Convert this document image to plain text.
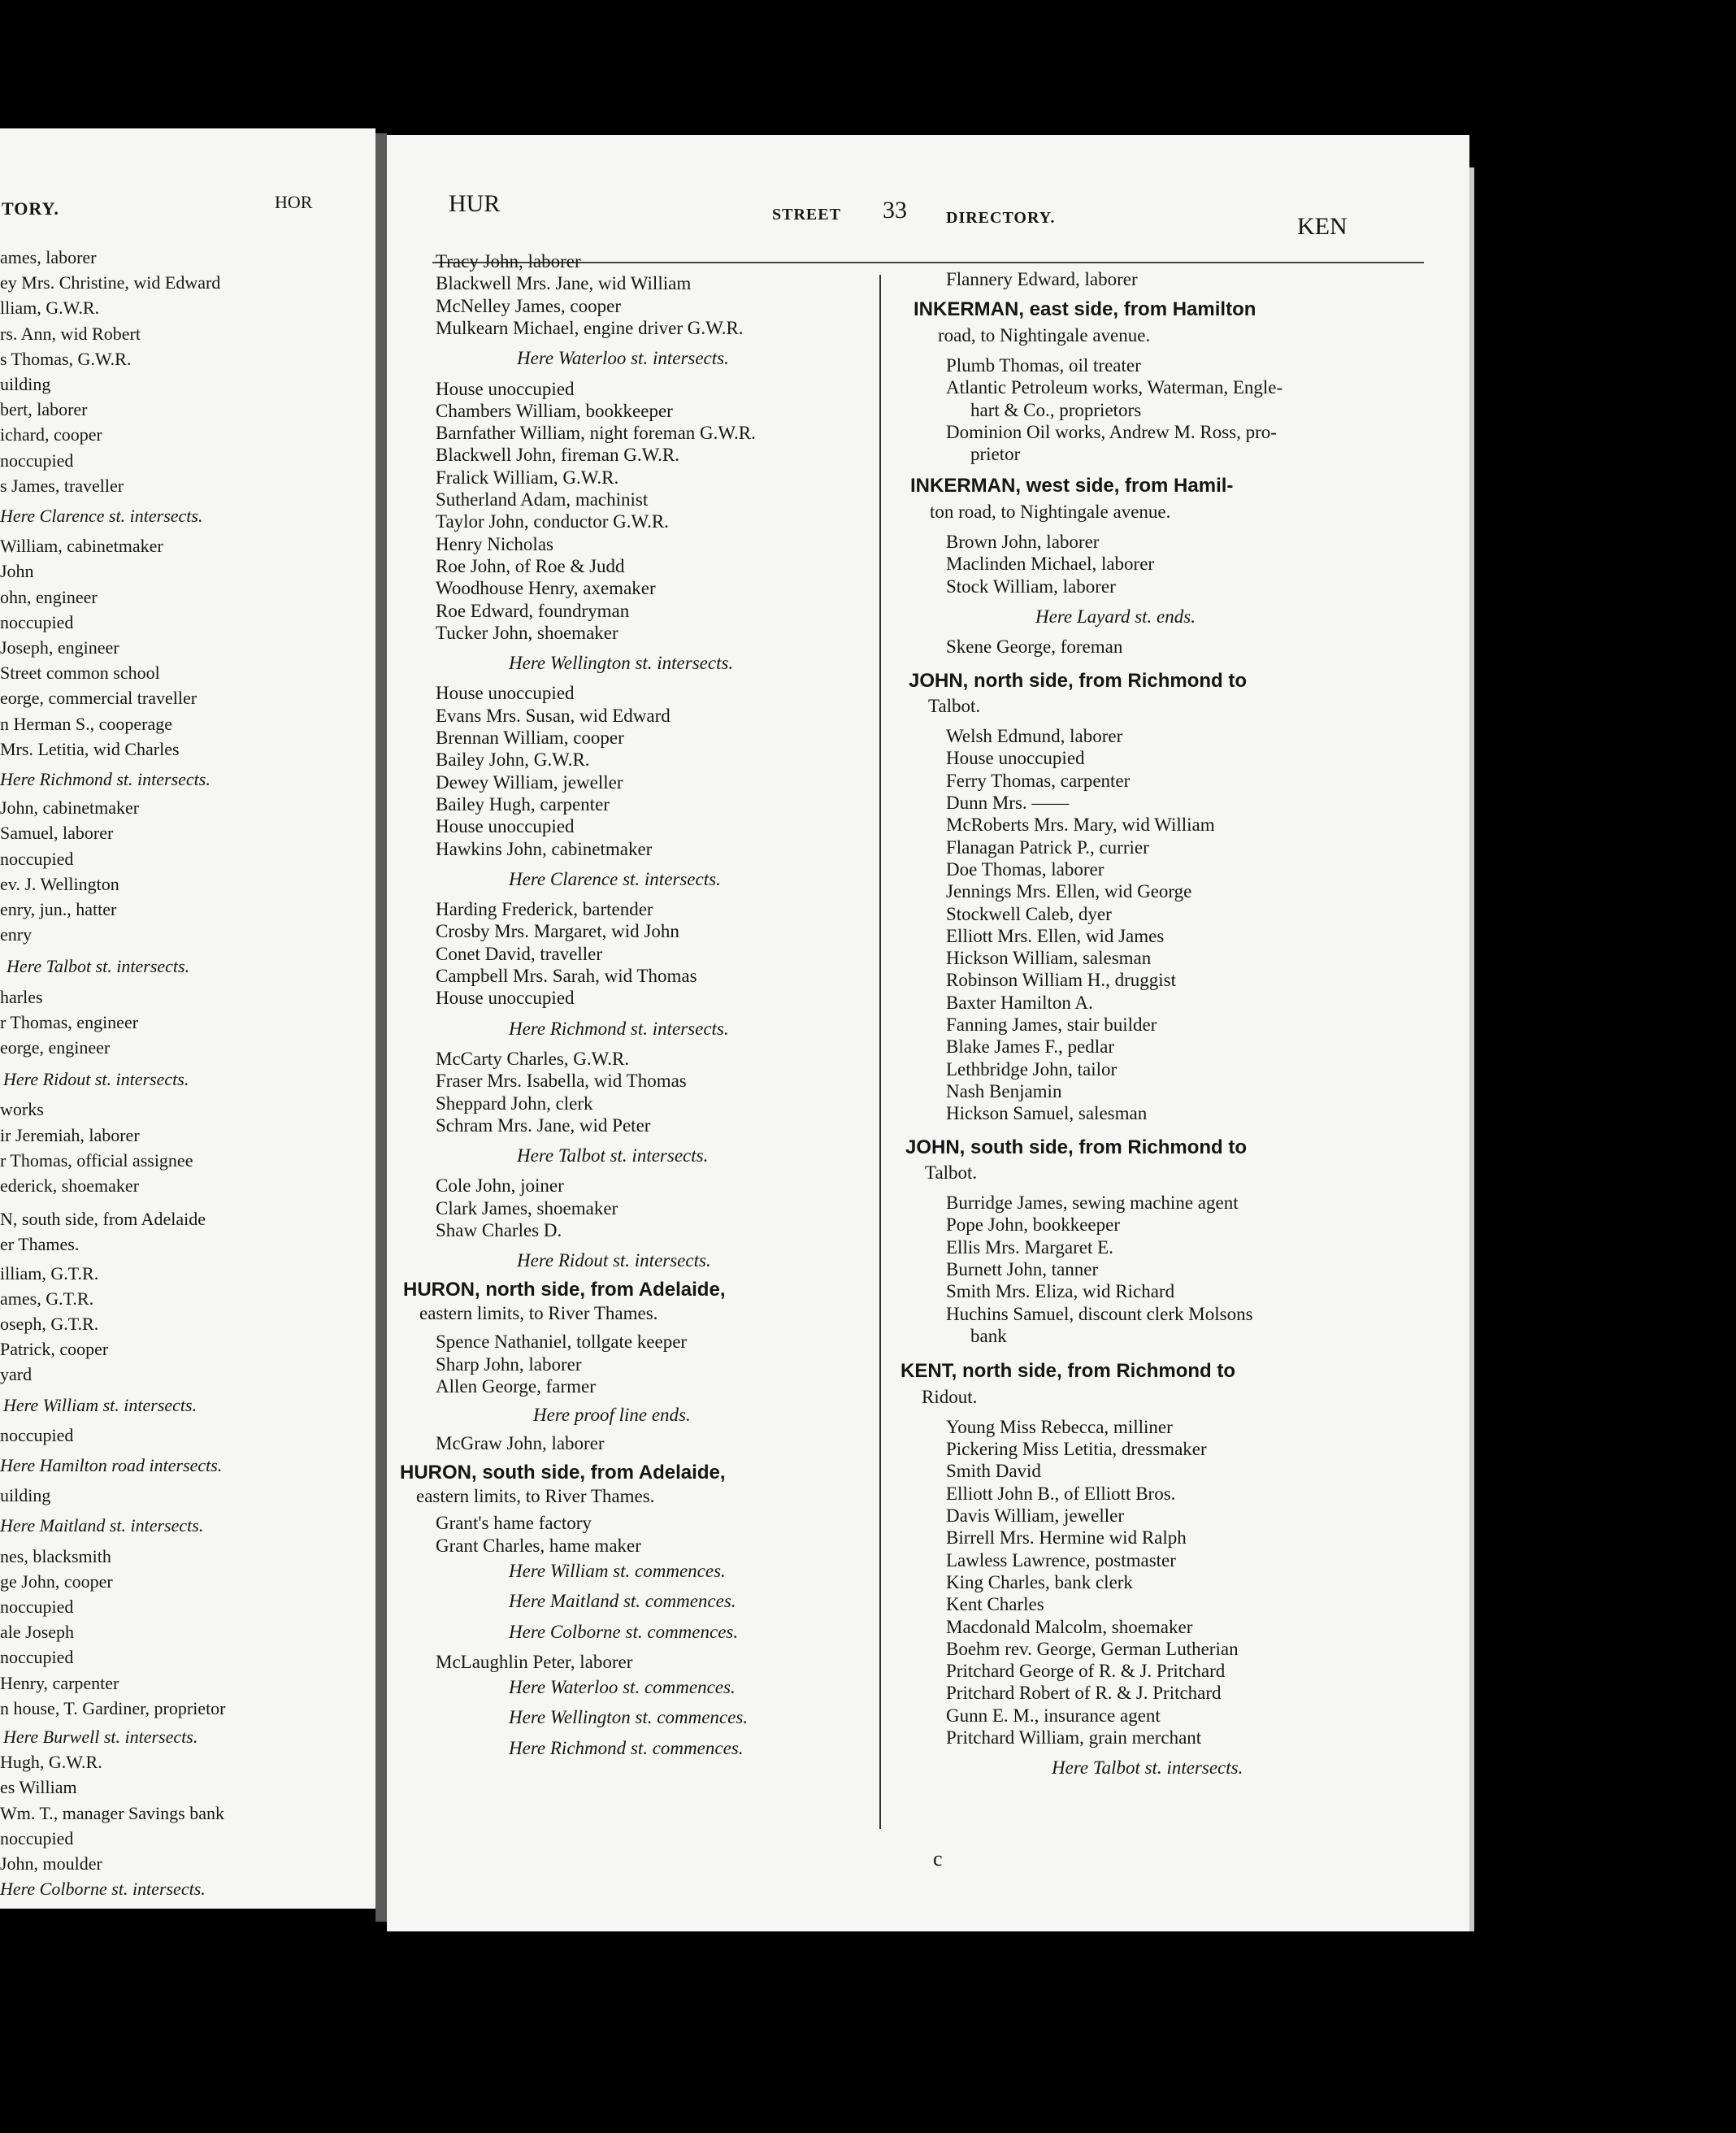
TORY.	HOR
ames, laborer
ey Mrs. Christine, wid Edward
lliam, G.W.R.
rs. Ann, wid Robert
s Thomas, G.W.R.
uilding
bert, laborer
ichard, cooper
noccupied
s James, traveller
Here Clarence st. intersects.
William, cabinetmaker
John
ohn, engineer
noccupied
Joseph, engineer
Street common school
eorge, commercial traveller
n Herman S., cooperage
Mrs. Letitia, wid Charles
Here Richmond st. intersects.
John, cabinetmaker
Samuel, laborer
noccupied
ev. J. Wellington
enry, jun., hatter
enry
Here Talbot st. intersects.
harles
r Thomas, engineer
eorge, engineer
Here Ridout st. intersects.
works
ir Jeremiah, laborer
r Thomas, official assignee
ederick, shoemaker
N, south side, from Adelaide
er Thames.
illiam, G.T.R.
ames, G.T.R.
oseph, G.T.R.
Patrick, cooper
yard
Here William st. intersects.
noccupied
Here Hamilton road intersects.
uilding
Here Maitland st. intersects.
nes, blacksmith
ge John, cooper
noccupied
ale Joseph
noccupied
Henry, carpenter
n house, T. Gardiner, proprietor
Here Burwell st. intersects.
Hugh, G.W.R.
es William
Wm. T., manager Savings bank
noccupied
John, moulder
Here Colborne st. intersects.
HUR	STREET 33 DIRECTORY.	KEN
Tracy John, laborer
Blackwell Mrs. Jane, wid William
McNelley James, cooper
Mulkearn Michael, engine driver G.W.R.
Here Waterloo st. intersects.
House unoccupied
Chambers William, bookkeeper
Barnfather William, night foreman G.W.R.
Blackwell John, fireman G.W.R.
Fralick William, G.W.R.
Sutherland Adam, machinist
Taylor John, conductor G.W.R.
Henry Nicholas
Roe John, of Roe & Judd
Woodhouse Henry, axemaker
Roe Edward, foundryman
Tucker John, shoemaker
Here Wellington st. intersects.
House unoccupied
Evans Mrs. Susan, wid Edward
Brennan William, cooper
Bailey John, G.W.R.
Dewey William, jeweller
Bailey Hugh, carpenter
House unoccupied
Hawkins John, cabinetmaker
Here Clarence st. intersects.
Harding Frederick, bartender
Crosby Mrs. Margaret, wid John
Conet David, traveller
Campbell Mrs. Sarah, wid Thomas
House unoccupied
Here Richmond st. intersects.
McCarty Charles, G.W.R.
Fraser Mrs. Isabella, wid Thomas
Sheppard John, clerk
Schram Mrs. Jane, wid Peter
Here Talbot st. intersects.
Cole John, joiner
Clark James, shoemaker
Shaw Charles D.
Here Ridout st. intersects.
HURON, north side, from Adelaide,
eastern limits, to River Thames.
Spence Nathaniel, tollgate keeper
Sharp John, laborer
Allen George, farmer
Here proof line ends.
McGraw John, laborer
HURON, south side, from Adelaide,
eastern limits, to River Thames.
Grant's hame factory
Grant Charles, hame maker
Here William st. commences.
Here Maitland st. commences.
Here Colborne st. commences.
McLaughlin Peter, laborer
Here Waterloo st. commences.
Here Wellington st. commences.
Here Richmond st. commences.
Flannery Edward, laborer
INKERMAN, east side, from Hamilton
road, to Nightingale avenue.
Plumb Thomas, oil treater
Atlantic Petroleum works, Waterman, Engle-
hart & Co., proprietors
Dominion Oil works, Andrew M. Ross, pro-
prietor
INKERMAN, west side, from Hamil-
ton road, to Nightingale avenue.
Brown John, laborer
Maclinden Michael, laborer
Stock William, laborer
Here Layard st. ends.
Skene George, foreman
JOHN, north side, from Richmond to
Talbot.
Welsh Edmund, laborer
House unoccupied
Ferry Thomas, carpenter
Dunn Mrs. ——
McRoberts Mrs. Mary, wid William
Flanagan Patrick P., currier
Doe Thomas, laborer
Jennings Mrs. Ellen, wid George
Stockwell Caleb, dyer
Elliott Mrs. Ellen, wid James
Hickson William, salesman
Robinson William H., druggist
Baxter Hamilton A.
Fanning James, stair builder
Blake James F., pedlar
Lethbridge John, tailor
Nash Benjamin
Hickson Samuel, salesman
JOHN, south side, from Richmond to
Talbot.
Burridge James, sewing machine agent
Pope John, bookkeeper
Ellis Mrs. Margaret E.
Burnett John, tanner
Smith Mrs. Eliza, wid Richard
Huchins Samuel, discount clerk Molsons
bank
KENT, north side, from Richmond to
Ridout.
Young Miss Rebecca, milliner
Pickering Miss Letitia, dressmaker
Smith David
Elliott John B., of Elliott Bros.
Davis William, jeweller
Birrell Mrs. Hermine wid Ralph
Lawless Lawrence, postmaster
King Charles, bank clerk
Kent Charles
Macdonald Malcolm, shoemaker
Boehm rev. George, German Lutherian
Pritchard George of R. & J. Pritchard
Pritchard Robert of R. & J. Pritchard
Gunn E. M., insurance agent
Pritchard William, grain merchant
Here Talbot st. intersects.
c
